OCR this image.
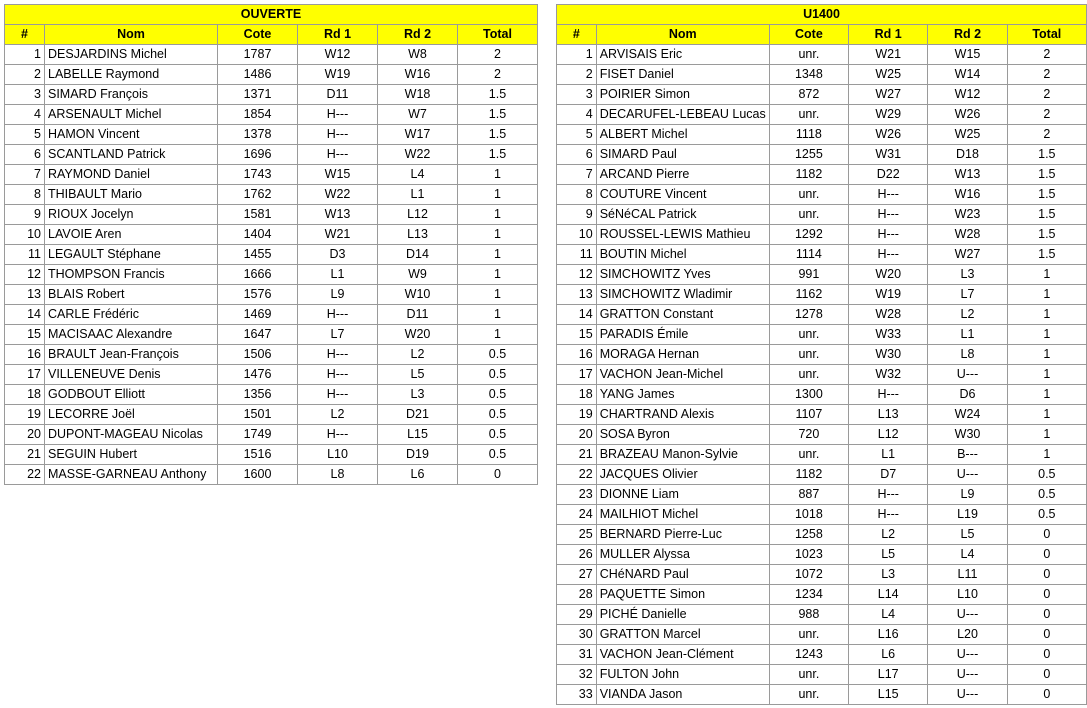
OUVERTE					
#	Nom	Cote	Rd 1	Rd 2	Total
1	DESJARDINS Michel	1787	W12	W8	2
2	LABELLE Raymond	1486	W19	W16	2
3	SIMARD François	1371	D11	W18	1.5
4	ARSENAULT Michel	1854	H---	W7	1.5
5	HAMON Vincent	1378	H---	W17	1.5
6	SCANTLAND Patrick	1696	H---	W22	1.5
7	RAYMOND Daniel	1743	W15	L4	1
8	THIBAULT Mario	1762	W22	L1	1
9	RIOUX Jocelyn	1581	W13	L12	1
10	LAVOIE Aren	1404	W21	L13	1
11	LEGAULT Stéphane	1455	D3	D14	1
12	THOMPSON Francis	1666	L1	W9	1
13	BLAIS Robert	1576	L9	W10	1
14	CARLE Frédéric	1469	H---	D11	1
15	MACISAAC Alexandre	1647	L7	W20	1
16	BRAULT Jean-François	1506	H---	L2	0.5
17	VILLENEUVE Denis	1476	H---	L5	0.5
18	GODBOUT Elliott	1356	H---	L3	0.5
19	LECORRE Joël	1501	L2	D21	0.5
20	DUPONT-MAGEAU Nicolas	1749	H---	L15	0.5
21	SEGUIN Hubert	1516	L10	D19	0.5
22	MASSE-GARNEAU Anthony	1600	L8	L6	0
U1400					
#	Nom	Cote	Rd 1	Rd 2	Total
1	ARVISAIS Eric	unr.	W21	W15	2
2	FISET Daniel	1348	W25	W14	2
3	POIRIER Simon	872	W27	W12	2
4	DECARUFEL-LEBEAU Lucas	unr.	W29	W26	2
5	ALBERT Michel	1118	W26	W25	2
6	SIMARD Paul	1255	W31	D18	1.5
7	ARCAND Pierre	1182	D22	W13	1.5
8	COUTURE Vincent	unr.	H---	W16	1.5
9	SéNéCAL Patrick	unr.	H---	W23	1.5
10	ROUSSEL-LEWIS Mathieu	1292	H---	W28	1.5
11	BOUTIN Michel	1114	H---	W27	1.5
12	SIMCHOWITZ Yves	991	W20	L3	1
13	SIMCHOWITZ Wladimir	1162	W19	L7	1
14	GRATTON Constant	1278	W28	L2	1
15	PARADIS Émile	unr.	W33	L1	1
16	MORAGA Hernan	unr.	W30	L8	1
17	VACHON Jean-Michel	unr.	W32	U---	1
18	YANG James	1300	H---	D6	1
19	CHARTRAND Alexis	1107	L13	W24	1
20	SOSA Byron	720	L12	W30	1
21	BRAZEAU Manon-Sylvie	unr.	L1	B---	1
22	JACQUES Olivier	1182	D7	U---	0.5
23	DIONNE Liam	887	H---	L9	0.5
24	MAILHIOT Michel	1018	H---	L19	0.5
25	BERNARD Pierre-Luc	1258	L2	L5	0
26	MULLER Alyssa	1023	L5	L4	0
27	CHéNARD Paul	1072	L3	L11	0
28	PAQUETTE Simon	1234	L14	L10	0
29	PICHÉ Danielle	988	L4	U---	0
30	GRATTON Marcel	unr.	L16	L20	0
31	VACHON Jean-Clément	1243	L6	U---	0
32	FULTON John	unr.	L17	U---	0
33	VIANDA Jason	unr.	L15	U---	0
